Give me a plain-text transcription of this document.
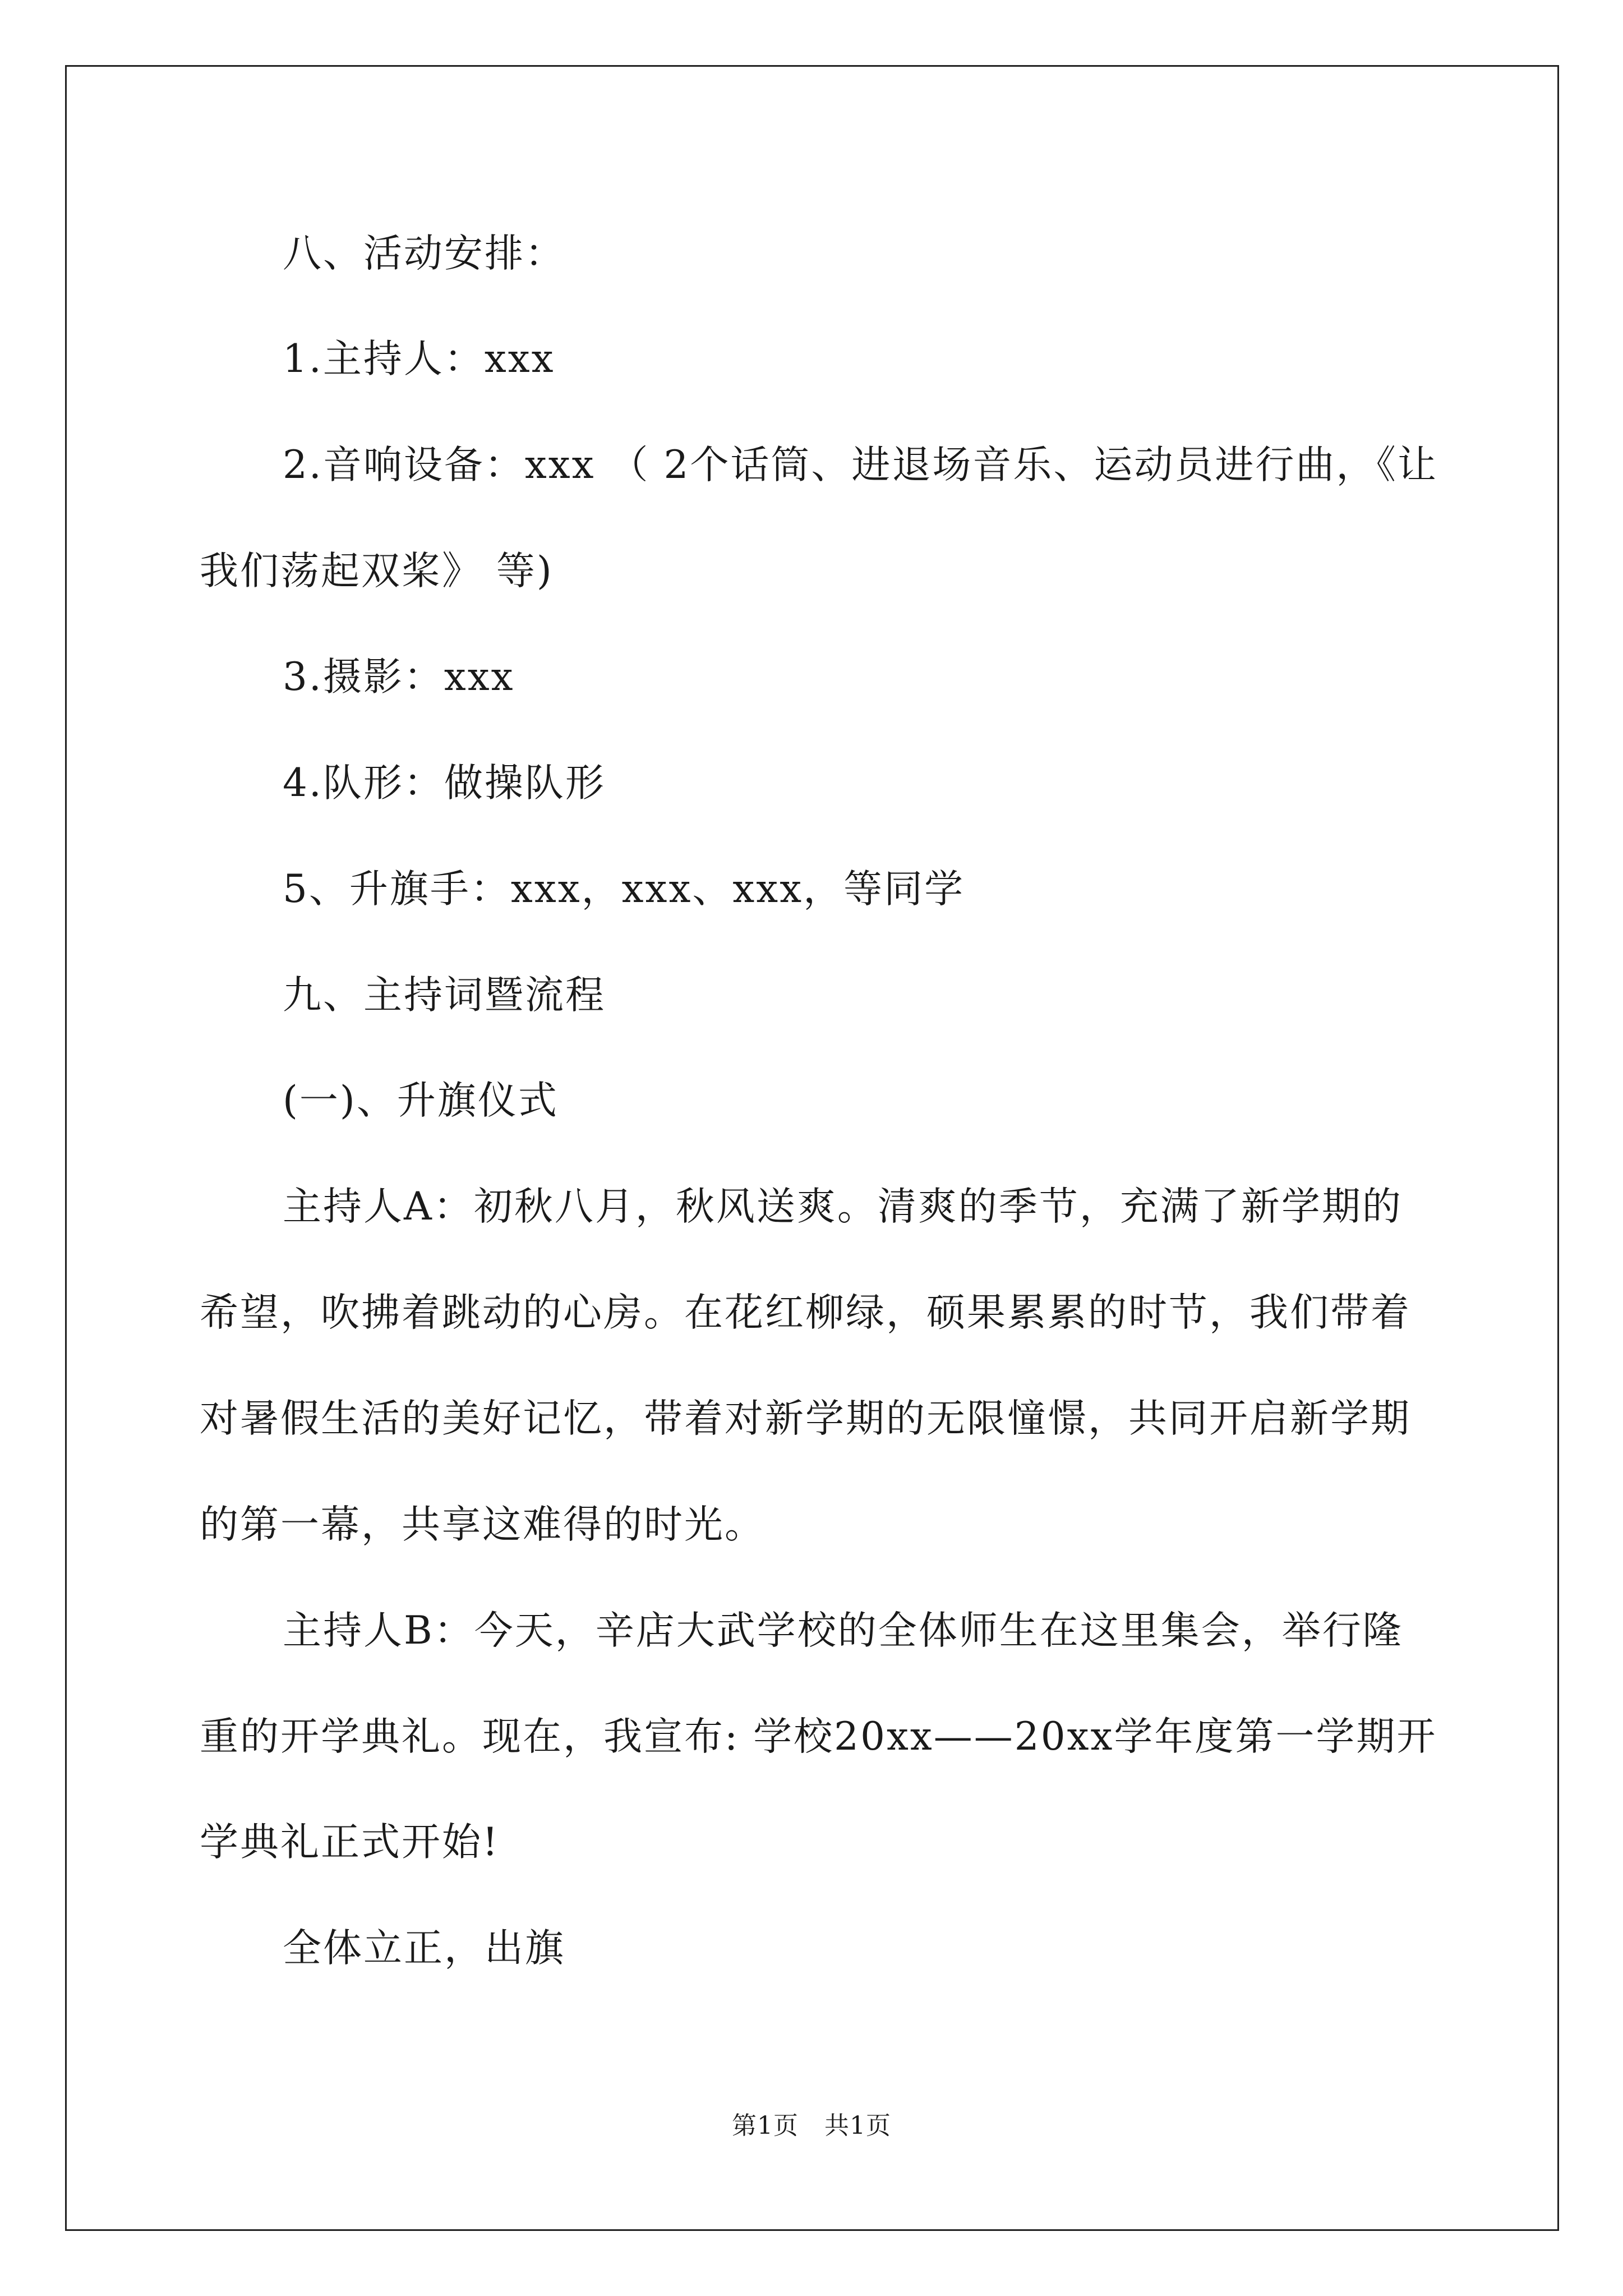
八、活动安排：
1.主持人：xxx
2.音响设备：xxx （ 2个话筒、进退场音乐、运动员进行曲，《让
我们荡起双桨》 等)
3.摄影：xxx
4.队形：做操队形
5、升旗手：xxx，xxx、xxx，等同学
九、主持词暨流程
(一)、升旗仪式
主持人A：初秋八月，秋风送爽。清爽的季节，充满了新学期的
希望，吹拂着跳动的心房。在花红柳绿，硕果累累的时节，我们带着
对暑假生活的美好记忆，带着对新学期的无限憧憬，共同开启新学期
的第一幕，共享这难得的时光。
主持人B：今天，辛店大武学校的全体师生在这里集会，举行隆
重的开学典礼。现在，我宣布: 学校20xx——20xx学年度第一学期开
学典礼正式开始!
全体立正，出旗
第1页 共1页
